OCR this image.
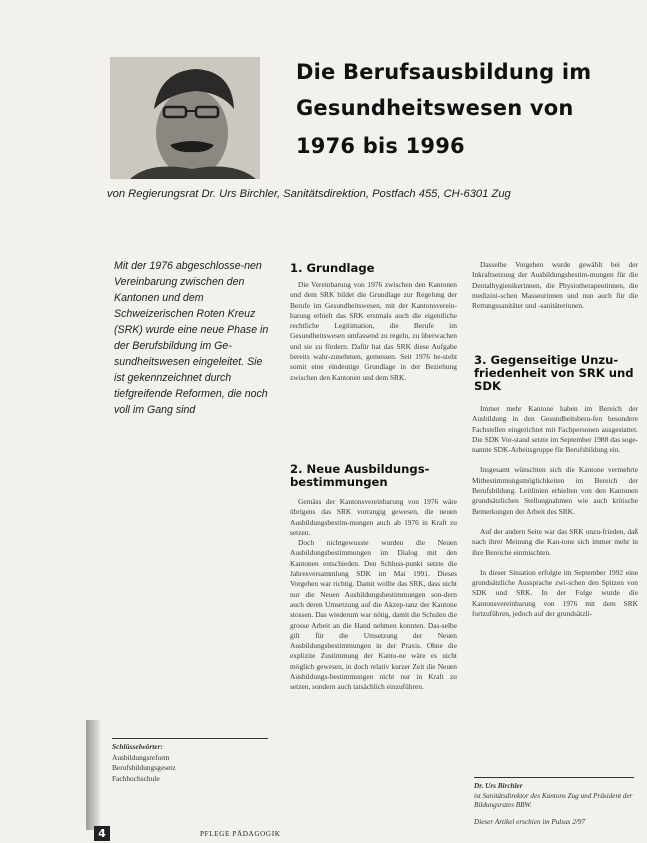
Die Berufsausbildung im
Gesundheitswesen von
1976 bis 1996
von Regierungsrat Dr. Urs Birchler, Sanitätsdirektion, Postfach 455, CH-6301 Zug
Mit der 1976 abgeschlosse-nen Vereinbarung zwischen den Kantonen und dem Schweizerischen Roten Kreuz (SRK) wurde eine neue Phase in der Berufsbildung im Ge-sundheitswesen eingeleitet. Sie ist gekennzeichnet durch tiefgreifende Reformen, die noch voll im Gang sind
1. Grundlage

Die Vereinbarung von 1976 zwischen den Kantonen und dem SRK bildet die Grundlage zur Regelung der Berufe im Gesundheitswesen, mit der Kantonsverein-barung erhielt das SRK erstmals auch die eigentliche rechtliche Legitimation, die Berufe im Gesundheitswesen umfassend zu regeln, zu überwachen und sie zu fördern. Dafür hat das SRK diese Aufgabe bereits wahr-zunehmen, gemessen. Seit 1976 be-steht somit eine eindeutige Grundlage in der Beziehung zwischen den Kantonen und dem SRK.

2. Neue Ausbildungs-bestimmungen

Gemäss der Kantonsvereinbarung von 1976 wäre übrigens das SRK vorrangig gewesen, die neuen Ausbildungsbestim-mungen auch ab 1976 in Kraft zu setzen.

Doch nichtgewusste wurden die Neuen Ausbildungsbestimmungen im Dialog mit den Kantonen entschieden. Den Schluss-punkt setzte die Jahresversammlung SDK im Mai 1991. Dieses Vorgehen war richtig. Damit wollte das SRK, dass nicht nur die Neuen Ausbildungsbestimmungen son-dern auch deren Umsetzung auf die Akzep-tanz der Kantone stossen. Das wiederum war nötig, damit die Schulen die grosse Arbeit an die Hand nehmen konnten. Das-selbe gilt für die Umsetzung der Neuen Ausbildungsbestimmungen in der Praxis. Ohne die explizite Zustimmung der Kanto-ne wäre es nicht möglich gewesen, in doch relativ kurzer Zeit die Neuen Ausbildungs-bestimmungen nicht nur in Kraft zu setzen, sondern auch tatsächlich einzuführen.

Dasselbe Vorgehen wurde gewählt bei der Inkraftsetzung der Ausbildungsbestim-mungen für die Dentalhygienikerinnen, die Physiotherapeutinnen, die medizini-schen Masseurinnen und nun auch für die Rettungssanitäter und -sanitäterinnen.

3. Gegenseitige Unzu-friedenheit von SRK und SDK

Immer mehr Kantone haben im Bereich der Ausbildung in den Gesundheitsberu-fen besondere Fachstellen eingerichtet mit Fachpersonen ausgestattet. Die SDK Vor-stand setzte im September 1988 das soge-nannte SDK-Arbeitsgruppe für Berufsbildung ein.

Insgesamt wünschten sich die Kantone vermehrte Mitbestimmungsmöglichkeiten im Bereich der Berufsbildung. Leitlinien erhielten von den Kantonen grundsätzlichen Stellungnahmen wie auch kritische Bemerkungen der Arbeit des SRK.

Auf der andern Seite war das SRK unzu-frieden, daß nach ihrer Meinung die Kan-tone sich immer mehr in ihre Bereiche einmischten.

In dieser Situation erfolgte im September 1992 eine grundsätzliche Aussprache zwi-schen den Spitzen von SDK und SRK. In der Folge wurde die Kantonsvereinbarung von 1976 mit dem SRK fortzuführen, jedoch auf der grundsätzli-

Schlüsselwörter:
Ausbildungsreform
Berufsbildungsgesetz
Fachhochschule
Dr. Urs Birchler
ist Sanitätsdirektor des Kantons Zug und Präsident der Bildungsrates BBW.
Dieser Artikel erschien im Pulsus 2/97
4	PFLEGE PÄDAGOGIK
